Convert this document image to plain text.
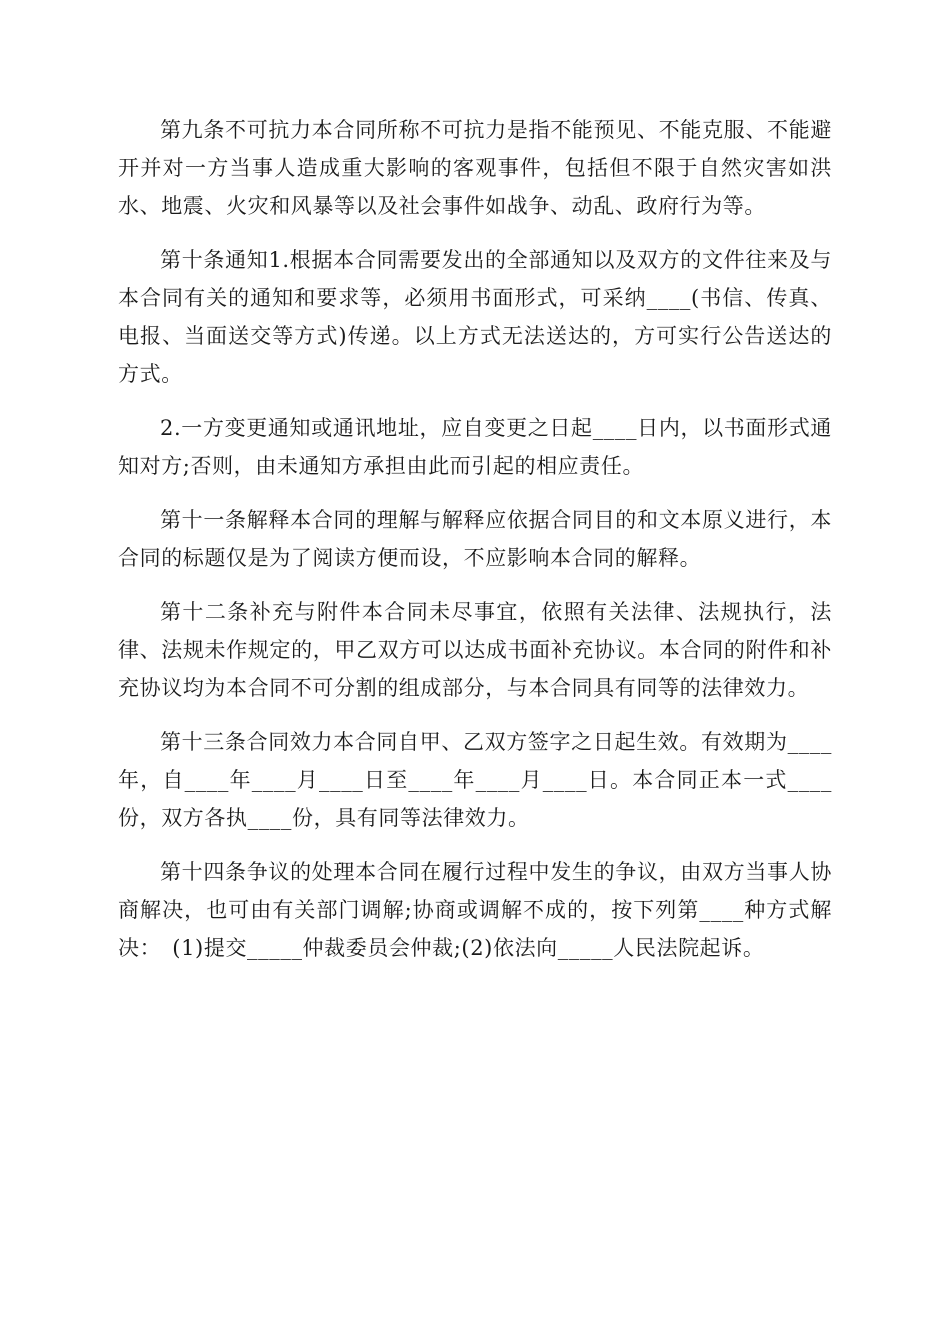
第九条不可抗力本合同所称不可抗力是指不能预见、不能克服、不能避开并对一方当事人造成重大影响的客观事件，包括但不限于自然灾害如洪水、地震、火灾和风暴等以及社会事件如战争、动乱、政府行为等。

第十条通知1.根据本合同需要发出的全部通知以及双方的文件往来及与本合同有关的通知和要求等，必须用书面形式，可采纳____(书信、传真、电报、当面送交等方式)传递。以上方式无法送达的，方可实行公告送达的方式。

2.一方变更通知或通讯地址，应自变更之日起____日内，以书面形式通知对方;否则，由未通知方承担由此而引起的相应责任。

第十一条解释本合同的理解与解释应依据合同目的和文本原义进行，本合同的标题仅是为了阅读方便而设，不应影响本合同的解释。

第十二条补充与附件本合同未尽事宜，依照有关法律、法规执行，法律、法规未作规定的，甲乙双方可以达成书面补充协议。本合同的附件和补充协议均为本合同不可分割的组成部分，与本合同具有同等的法律效力。

第十三条合同效力本合同自甲、乙双方签字之日起生效。有效期为____年，自____年____月____日至____年____月____日。本合同正本一式____份，双方各执____份，具有同等法律效力。

第十四条争议的处理本合同在履行过程中发生的争议，由双方当事人协商解决，也可由有关部门调解;协商或调解不成的，按下列第____种方式解决：　(1)提交_____仲裁委员会仲裁;(2)依法向_____人民法院起诉。
